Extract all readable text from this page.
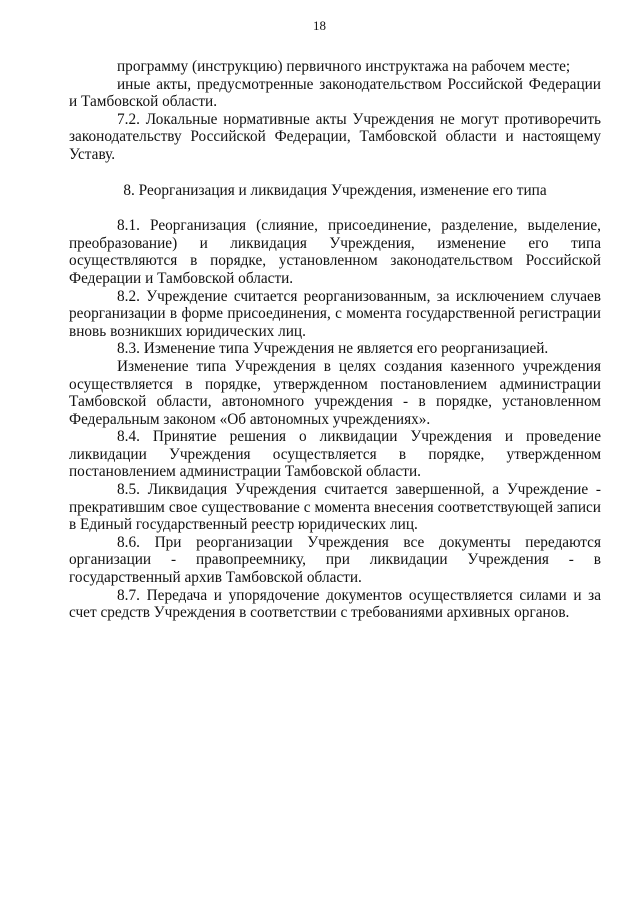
18

программу (инструкцию) первичного инструктажа на рабочем месте;

иные акты, предусмотренные законодательством Российской Федерации и Тамбовской области.

7.2. Локальные нормативные акты Учреждения не могут противоречить законодательству Российской Федерации, Тамбовской области и настоящему Уставу.

8. Реорганизация и ликвидация Учреждения, изменение его типа

8.1. Реорганизация (слияние, присоединение, разделение, выделение, преобразование) и ликвидация Учреждения, изменение его типа осуществляются в порядке, установленном законодательством Российской Федерации и Тамбовской области.

8.2. Учреждение считается реорганизованным, за исключением случаев реорганизации в форме присоединения, с момента государственной регистрации вновь возникших юридических лиц.

8.3. Изменение типа Учреждения не является его реорганизацией.

Изменение типа Учреждения в целях создания казенного учреждения осуществляется в порядке, утвержденном постановлением администрации Тамбовской области, автономного учреждения - в порядке, установленном Федеральным законом «Об автономных учреждениях».

8.4. Принятие решения о ликвидации Учреждения и проведение ликвидации Учреждения осуществляется в порядке, утвержденном постановлением администрации Тамбовской области.

8.5. Ликвидация Учреждения считается завершенной, а Учреждение - прекратившим свое существование с момента внесения соответствующей записи в Единый государственный реестр юридических лиц.

8.6. При реорганизации Учреждения все документы передаются организации - правопреемнику, при ликвидации Учреждения - в государственный архив Тамбовской области.

8.7. Передача и упорядочение документов осуществляется силами и за счет средств Учреждения в соответствии с требованиями архивных органов.
